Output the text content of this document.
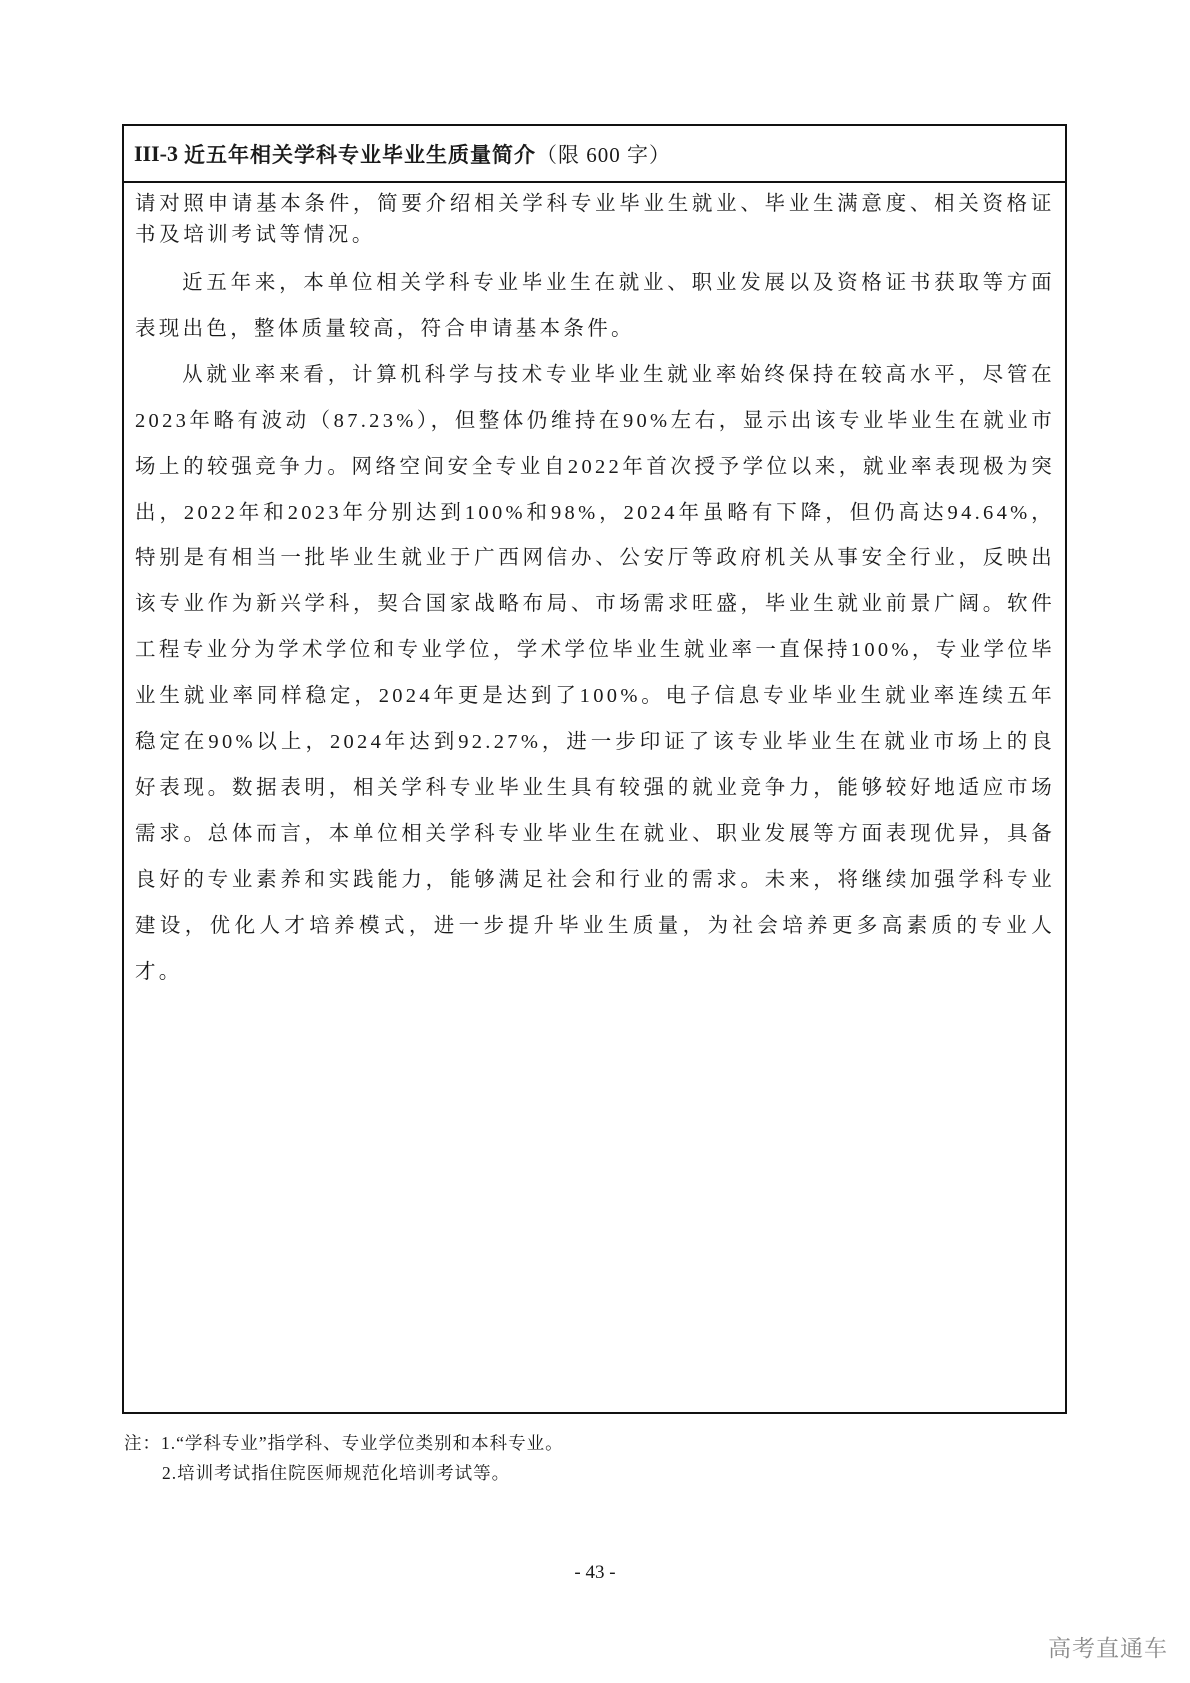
III-3 近五年相关学科专业毕业生质量简介 （限 600 字）

请对照申请基本条件，简要介绍相关学科专业毕业生就业、毕业生满意度、相关资格证书及培训考试等情况。

近五年来，本单位相关学科专业毕业生在就业、职业发展以及资格证书获取等方面表现出色，整体质量较高，符合申请基本条件。

从就业率来看，计算机科学与技术专业毕业生就业率始终保持在较高水平，尽管在2023年略有波动（87.23%），但整体仍维持在90%左右，显示出该专业毕业生在就业市场上的较强竞争力。网络空间安全专业自2022年首次授予学位以来，就业率表现极为突出，2022年和2023年分别达到100%和98%，2024年虽略有下降，但仍高达94.64%，特别是有相当一批毕业生就业于广西网信办、公安厅等政府机关从事安全行业，反映出该专业作为新兴学科，契合国家战略布局、市场需求旺盛，毕业生就业前景广阔。软件工程专业分为学术学位和专业学位，学术学位毕业生就业率一直保持100%，专业学位毕业生就业率同样稳定，2024年更是达到了100%。电子信息专业毕业生就业率连续五年稳定在90%以上，2024年达到92.27%，进一步印证了该专业毕业生在就业市场上的良好表现。数据表明，相关学科专业毕业生具有较强的就业竞争力，能够较好地适应市场需求。总体而言，本单位相关学科专业毕业生在就业、职业发展等方面表现优异，具备良好的专业素养和实践能力，能够满足社会和行业的需求。未来，将继续加强学科专业建设，优化人才培养模式，进一步提升毕业生质量，为社会培养更多高素质的专业人才。

注：1.“学科专业”指学科、专业学位类别和本科专业。
2.培训考试指住院医师规范化培训考试等。
- 43 -
高考直通车
